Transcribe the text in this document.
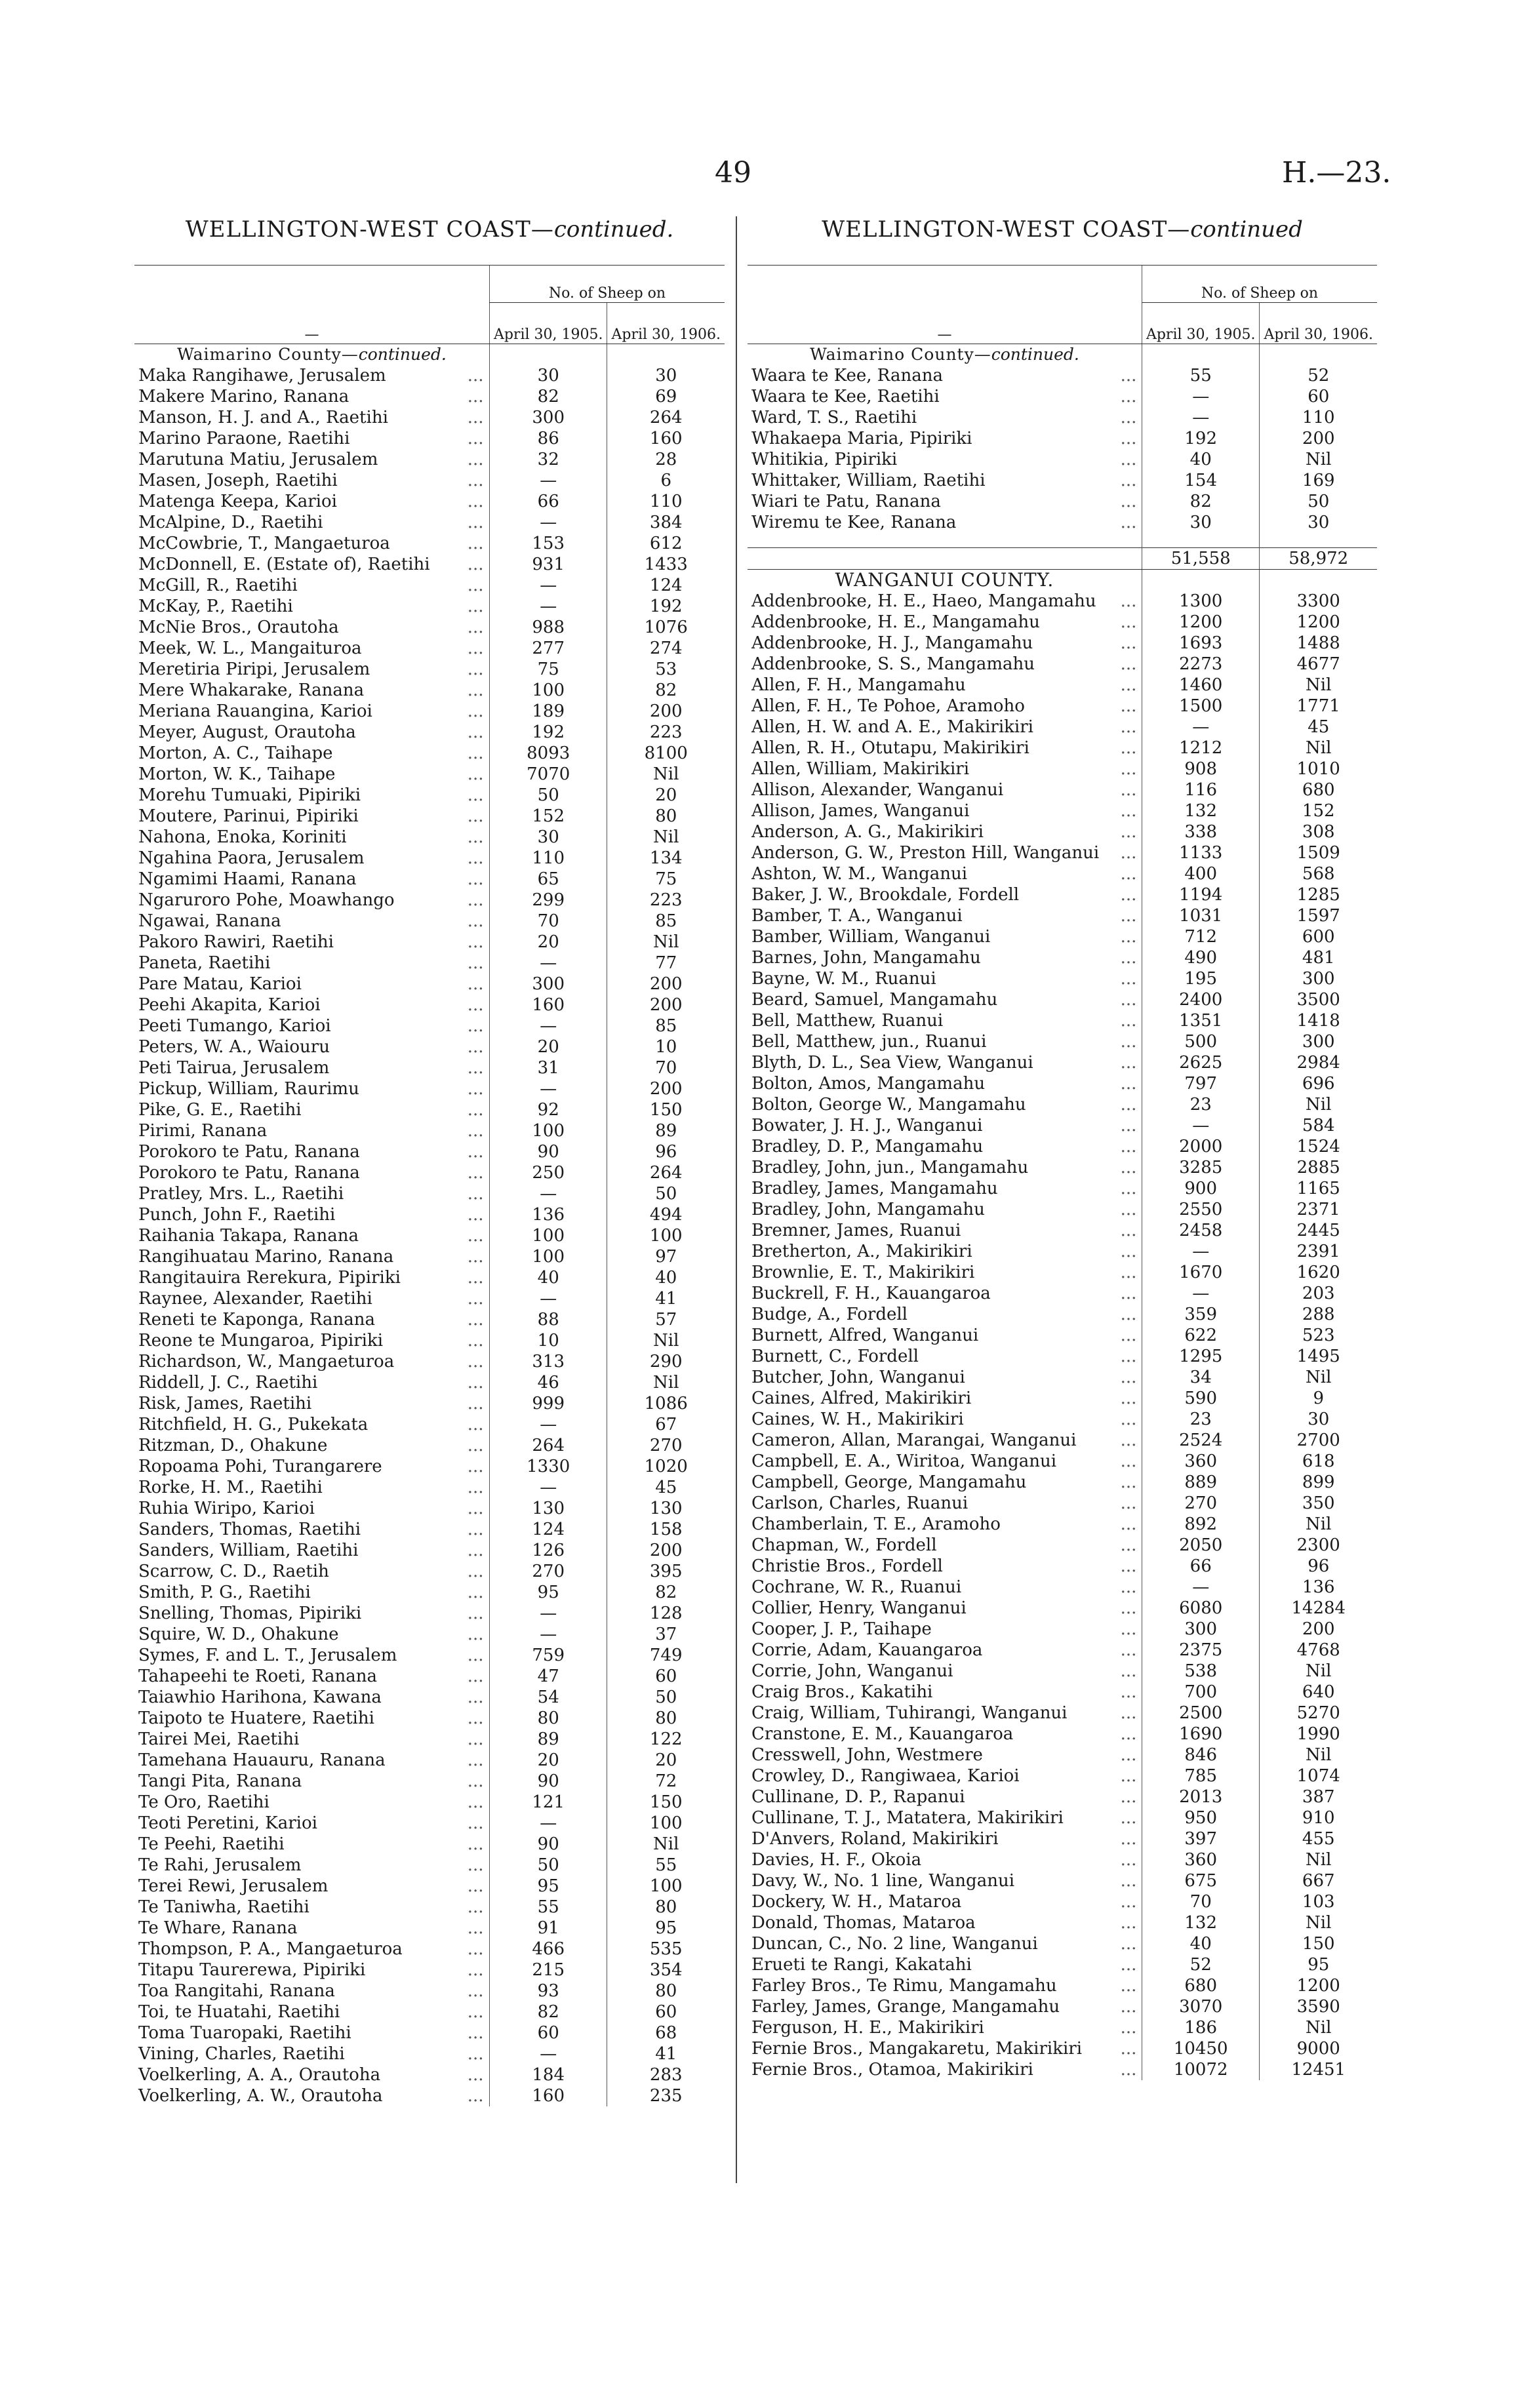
49	H.—23.
WELLINGTON-WEST COAST—continued.
—		No. of Sheep on	
		April 30, 1905.	April 30, 1906.
Waimarino County—continued.			
Maka Rangihawe, Jerusalem	...	30	30
Makere Marino, Ranana	...	82	69
Manson, H. J. and A., Raetihi	...	300	264
Marino Paraone, Raetihi	...	86	160
Marutuna Matiu, Jerusalem	...	32	28
Masen, Joseph, Raetihi	...	—	6
Matenga Keepa, Karioi	...	66	110
McAlpine, D., Raetihi	...	—	384
McCowbrie, T., Mangaeturoa	...	153	612
McDonnell, E. (Estate of), Raetihi	...	931	1433
McGill, R., Raetihi	...	—	124
McKay, P., Raetihi	...	—	192
McNie Bros., Orautoha	...	988	1076
Meek, W. L., Mangaituroa	...	277	274
Meretiria Piripi, Jerusalem	...	75	53
Mere Whakarake, Ranana	...	100	82
Meriana Rauangina, Karioi	...	189	200
Meyer, August, Orautoha	...	192	223
Morton, A. C., Taihape	...	8093	8100
Morton, W. K., Taihape	...	7070	Nil
Morehu Tumuaki, Pipiriki	...	50	20
Moutere, Parinui, Pipiriki	...	152	80
Nahona, Enoka, Koriniti	...	30	Nil
Ngahina Paora, Jerusalem	...	110	134
Ngamimi Haami, Ranana	...	65	75
Ngaruroro Pohe, Moawhango	...	299	223
Ngawai, Ranana	...	70	85
Pakoro Rawiri, Raetihi	...	20	Nil
Paneta, Raetihi	...	—	77
Pare Matau, Karioi	...	300	200
Peehi Akapita, Karioi	...	160	200
Peeti Tumango, Karioi	...	—	85
Peters, W. A., Waiouru	...	20	10
Peti Tairua, Jerusalem	...	31	70
Pickup, William, Raurimu	...	—	200
Pike, G. E., Raetihi	...	92	150
Pirimi, Ranana	...	100	89
Porokoro te Patu, Ranana	...	90	96
Porokoro te Patu, Ranana	...	250	264
Pratley, Mrs. L., Raetihi	...	—	50
Punch, John F., Raetihi	...	136	494
Raihania Takapa, Ranana	...	100	100
Rangihuatau Marino, Ranana	...	100	97
Rangitauira Rerekura, Pipiriki	...	40	40
Raynee, Alexander, Raetihi	...	—	41
Reneti te Kaponga, Ranana	...	88	57
Reone te Mungaroa, Pipiriki	...	10	Nil
Richardson, W., Mangaeturoa	...	313	290
Riddell, J. C., Raetihi	...	46	Nil
Risk, James, Raetihi	...	999	1086
Ritchfield, H. G., Pukekata	...	—	67
Ritzman, D., Ohakune	...	264	270
Ropoama Pohi, Turangarere	...	1330	1020
Rorke, H. M., Raetihi	...	—	45
Ruhia Wiripo, Karioi	...	130	130
Sanders, Thomas, Raetihi	...	124	158
Sanders, William, Raetihi	...	126	200
Scarrow, C. D., Raetih	...	270	395
Smith, P. G., Raetihi	...	95	82
Snelling, Thomas, Pipiriki	...	—	128
Squire, W. D., Ohakune	...	—	37
Symes, F. and L. T., Jerusalem	...	759	749
Tahapeehi te Roeti, Ranana	...	47	60
Taiawhio Harihona, Kawana	...	54	50
Taipoto te Huatere, Raetihi	...	80	80
Tairei Mei, Raetihi	...	89	122
Tamehana Hauauru, Ranana	...	20	20
Tangi Pita, Ranana	...	90	72
Te Oro, Raetihi	...	121	150
Teoti Peretini, Karioi	...	—	100
Te Peehi, Raetihi	...	90	Nil
Te Rahi, Jerusalem	...	50	55
Terei Rewi, Jerusalem	...	95	100
Te Taniwha, Raetihi	...	55	80
Te Whare, Ranana	...	91	95
Thompson, P. A., Mangaeturoa	...	466	535
Titapu Taurerewa, Pipiriki	...	215	354
Toa Rangitahi, Ranana	...	93	80
Toi, te Huatahi, Raetihi	...	82	60
Toma Tuaropaki, Raetihi	...	60	68
Vining, Charles, Raetihi	...	—	41
Voelkerling, A. A., Orautoha	...	184	283
Voelkerling, A. W., Orautoha	...	160	235
WELLINGTON-WEST COAST—continued
—		No. of Sheep on	
		April 30, 1905.	April 30, 1906.
Waimarino County—continued.			
Waara te Kee, Ranana	...	55	52
Waara te Kee, Raetihi	...	—	60
Ward, T. S., Raetihi	...	—	110
Whakaepa Maria, Pipiriki	...	192	200
Whitikia, Pipiriki	...	40	Nil
Whittaker, William, Raetihi	...	154	169
Wiari te Patu, Ranana	...	82	50
Wiremu te Kee, Ranana	...	30	30

		51,558	58,972
WANGANUI COUNTY.			
Addenbrooke, H. E., Haeo, Mangamahu	...	1300	3300
Addenbrooke, H. E., Mangamahu	...	1200	1200
Addenbrooke, H. J., Mangamahu	...	1693	1488
Addenbrooke, S. S., Mangamahu	...	2273	4677
Allen, F. H., Mangamahu	...	1460	Nil
Allen, F. H., Te Pohoe, Aramoho	...	1500	1771
Allen, H. W. and A. E., Makirikiri	...	—	45
Allen, R. H., Otutapu, Makirikiri	...	1212	Nil
Allen, William, Makirikiri	...	908	1010
Allison, Alexander, Wanganui	...	116	680
Allison, James, Wanganui	...	132	152
Anderson, A. G., Makirikiri	...	338	308
Anderson, G. W., Preston Hill, Wanganui	...	1133	1509
Ashton, W. M., Wanganui	...	400	568
Baker, J. W., Brookdale, Fordell	...	1194	1285
Bamber, T. A., Wanganui	...	1031	1597
Bamber, William, Wanganui	...	712	600
Barnes, John, Mangamahu	...	490	481
Bayne, W. M., Ruanui	...	195	300
Beard, Samuel, Mangamahu	...	2400	3500
Bell, Matthew, Ruanui	...	1351	1418
Bell, Matthew, jun., Ruanui	...	500	300
Blyth, D. L., Sea View, Wanganui	...	2625	2984
Bolton, Amos, Mangamahu	...	797	696
Bolton, George W., Mangamahu	...	23	Nil
Bowater, J. H. J., Wanganui	...	—	584
Bradley, D. P., Mangamahu	...	2000	1524
Bradley, John, jun., Mangamahu	...	3285	2885
Bradley, James, Mangamahu	...	900	1165
Bradley, John, Mangamahu	...	2550	2371
Bremner, James, Ruanui	...	2458	2445
Bretherton, A., Makirikiri	...	—	2391
Brownlie, E. T., Makirikiri	...	1670	1620
Buckrell, F. H., Kauangaroa	...	—	203
Budge, A., Fordell	...	359	288
Burnett, Alfred, Wanganui	...	622	523
Burnett, C., Fordell	...	1295	1495
Butcher, John, Wanganui	...	34	Nil
Caines, Alfred, Makirikiri	...	590	9
Caines, W. H., Makirikiri	...	23	30
Cameron, Allan, Marangai, Wanganui	...	2524	2700
Campbell, E. A., Wiritoa, Wanganui	...	360	618
Campbell, George, Mangamahu	...	889	899
Carlson, Charles, Ruanui	...	270	350
Chamberlain, T. E., Aramoho	...	892	Nil
Chapman, W., Fordell	...	2050	2300
Christie Bros., Fordell	...	66	96
Cochrane, W. R., Ruanui	...	—	136
Collier, Henry, Wanganui	...	6080	14284
Cooper, J. P., Taihape	...	300	200
Corrie, Adam, Kauangaroa	...	2375	4768
Corrie, John, Wanganui	...	538	Nil
Craig Bros., Kakatihi	...	700	640
Craig, William, Tuhirangi, Wanganui	...	2500	5270
Cranstone, E. M., Kauangaroa	...	1690	1990
Cresswell, John, Westmere	...	846	Nil
Crowley, D., Rangiwaea, Karioi	...	785	1074
Cullinane, D. P., Rapanui	...	2013	387
Cullinane, T. J., Matatera, Makirikiri	...	950	910
D'Anvers, Roland, Makirikiri	...	397	455
Davies, H. F., Okoia	...	360	Nil
Davy, W., No. 1 line, Wanganui	...	675	667
Dockery, W. H., Mataroa	...	70	103
Donald, Thomas, Mataroa	...	132	Nil
Duncan, C., No. 2 line, Wanganui	...	40	150
Erueti te Rangi, Kakatahi	...	52	95
Farley Bros., Te Rimu, Mangamahu	...	680	1200
Farley, James, Grange, Mangamahu	...	3070	3590
Ferguson, H. E., Makirikiri	...	186	Nil
Fernie Bros., Mangakaretu, Makirikiri	...	10450	9000
Fernie Bros., Otamoa, Makirikiri	...	10072	12451
